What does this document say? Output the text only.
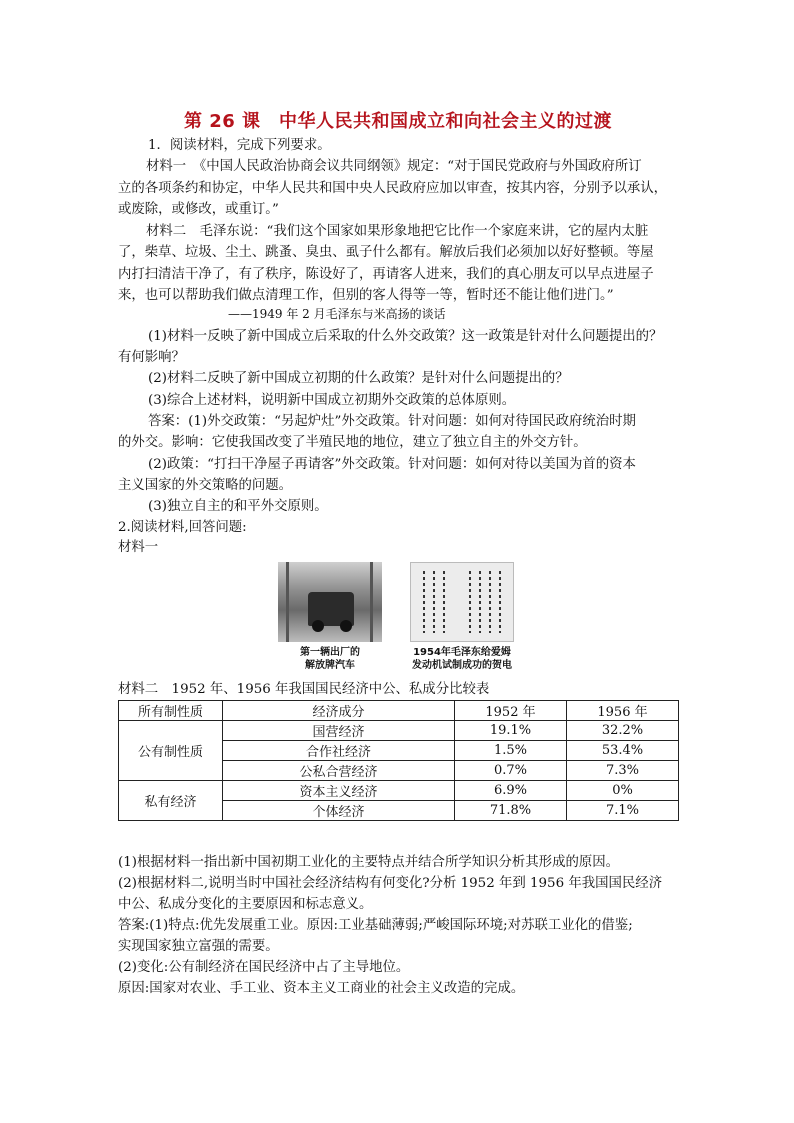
第 26 课　中华人民共和国成立和向社会主义的过渡
1．阅读材料，完成下列要求。
材料一　《中国人民政治协商会议共同纲领》规定：“对于国民党政府与外国政府所订
立的各项条约和协定，中华人民共和国中央人民政府应加以审查，按其内容，分别予以承认，
或废除，或修改，或重订。”
材料二　毛泽东说：“我们这个国家如果形象地把它比作一个家庭来讲，它的屋内太脏
了，柴草、垃圾、尘土、跳蚤、臭虫、虱子什么都有。解放后我们必须加以好好整顿。等屋
内打扫清洁干净了，有了秩序，陈设好了，再请客人进来，我们的真心朋友可以早点进屋子
来，也可以帮助我们做点清理工作，但别的客人得等一等，暂时还不能让他们进门。”
——1949 年 2 月毛泽东与米高扬的谈话
(1)材料一反映了新中国成立后采取的什么外交政策？这一政策是针对什么问题提出的？
有何影响？
(2)材料二反映了新中国成立初期的什么政策？是针对什么问题提出的？
(3)综合上述材料，说明新中国成立初期外交政策的总体原则。
答案：(1)外交政策：“另起炉灶”外交政策。针对问题：如何对待国民政府统治时期
的外交。影响：它使我国改变了半殖民地的地位，建立了独立自主的外交方针。
(2)政策：“打扫干净屋子再请客”外交政策。针对问题：如何对待以美国为首的资本
主义国家的外交策略的问题。
(3)独立自主的和平外交原则。
2.阅读材料,回答问题:
材料一
第一辆出厂的
解放牌汽车
1954年毛泽东给爱姆
发动机试制成功的贺电
材料二　1952 年、1956 年我国国民经济中公、私成分比较表
所有制性质	经济成分	1952 年	1956 年
公有制性质	国营经济	19.1%	32.2%
	合作社经济	1.5%	53.4%
	公私合营经济	0.7%	7.3%
私有经济	资本主义经济	6.9%	0%
	个体经济	71.8%	7.1%
(1)根据材料一指出新中国初期工业化的主要特点并结合所学知识分析其形成的原因。
(2)根据材料二,说明当时中国社会经济结构有何变化?分析 1952 年到 1956 年我国国民经济
中公、私成分变化的主要原因和标志意义。
答案:(1)特点:优先发展重工业。原因:工业基础薄弱;严峻国际环境;对苏联工业化的借鉴;
实现国家独立富强的需要。
(2)变化:公有制经济在国民经济中占了主导地位。
原因:国家对农业、手工业、资本主义工商业的社会主义改造的完成。
